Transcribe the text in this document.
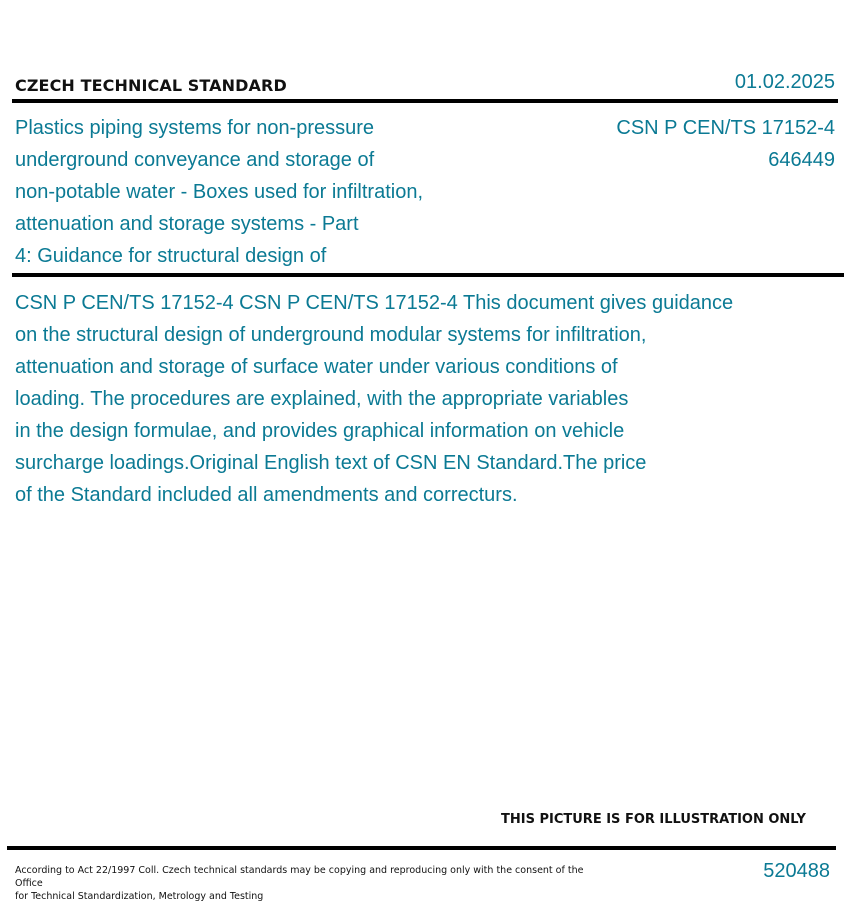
CZECH TECHNICAL STANDARD	01.02.2025
Plastics piping systems for non-pressure
underground conveyance and storage of
non-potable water - Boxes used for infiltration,
attenuation and storage systems - Part
4: Guidance for structural design of
CSN P CEN/TS 17152-4
646449
CSN P CEN/TS 17152-4 CSN P CEN/TS 17152-4 This document gives guidance
on the structural design of underground modular systems for infiltration,
attenuation and storage of surface water under various conditions of
loading. The procedures are explained, with the appropriate variables
in the design formulae, and provides graphical information on vehicle
surcharge loadings.Original English text of CSN EN Standard.The price
of the Standard included all amendments and correcturs.
THIS PICTURE IS FOR ILLUSTRATION ONLY
According to Act 22/1997 Coll. Czech technical standards may be copying and reproducing only with the consent of the Office
for Technical Standardization, Metrology and Testing
520488
